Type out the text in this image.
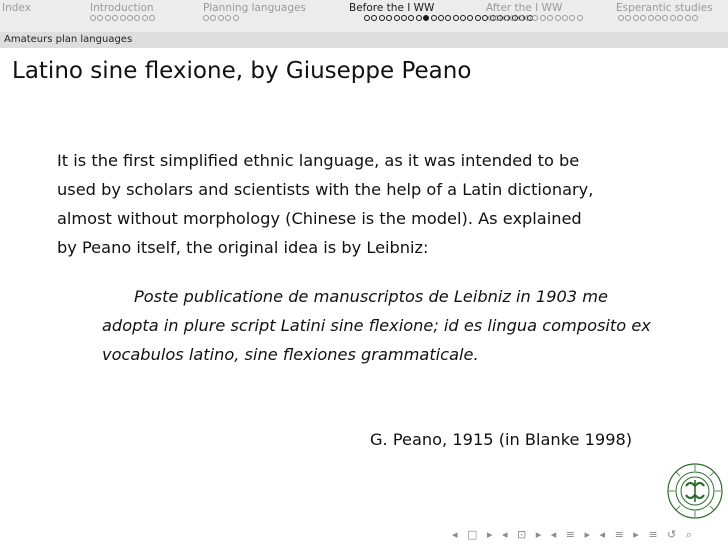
Index	Introduction	Planning languages	Before the I WW	After the I WW	Esperantic studies
Amateurs plan languages
Latino sine flexione, by Giuseppe Peano

It is the first simplified ethnic language, as it was intended to be

used by scholars and scientists with the help of a Latin dictionary,

almost without morphology (Chinese is the model). As explained

by Peano itself, the original idea is by Leibniz:

Poste publicatione de manuscriptos de Leibniz in 1903 me adopta in plure script Latini sine flexione; id es lingua composito ex vocabulos latino, sine flexiones grammaticale.

G. Peano, 1915 (in Blanke 1998)
◂ □ ▸ ◂ ⊡ ▸ ◂ ≡ ▸ ◂ ≡ ▸ ≡ ↺ ⌕
